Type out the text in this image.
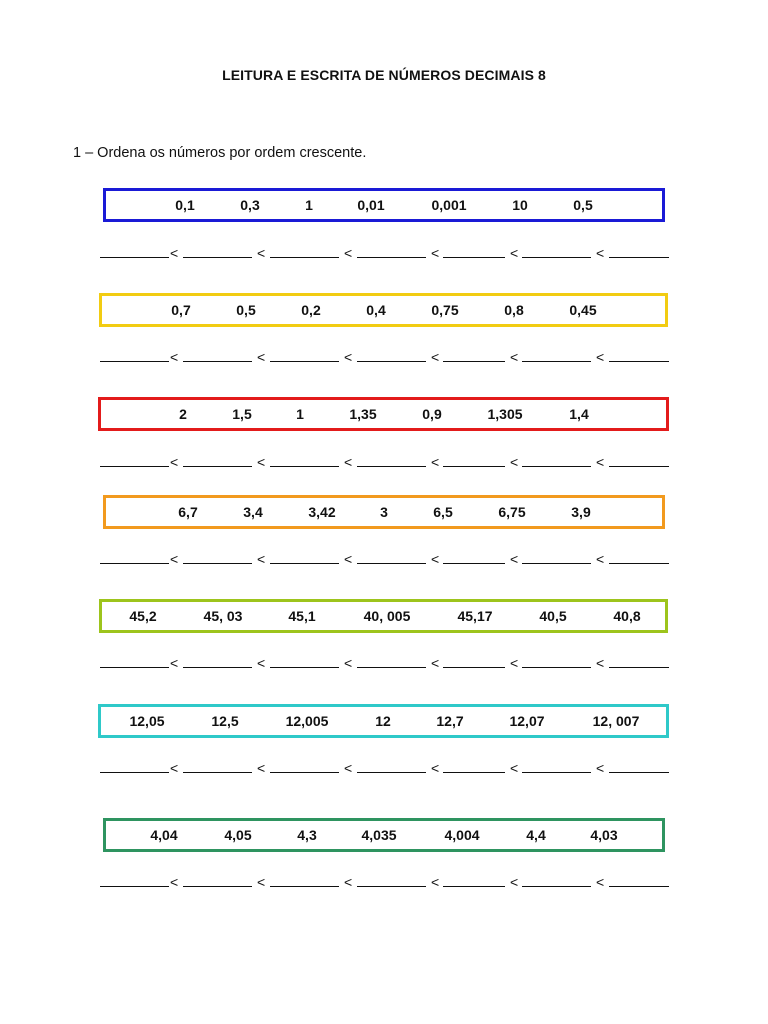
LEITURA E ESCRITA DE NÚMEROS DECIMAIS 8
1 – Ordena os números por ordem crescente.
0,1	0,3	1	0,01	0,001	10	0,5
<	<	<	<	<	<
0,7	0,5	0,2	0,4	0,75	0,8	0,45
<	<	<	<	<	<
2	1,5	1	1,35	0,9	1,305	1,4
<	<	<	<	<	<
6,7	3,4	3,42	3	6,5	6,75	3,9
<	<	<	<	<	<
45,2	45, 03	45,1	40, 005	45,17	40,5	40,8
<	<	<	<	<	<
12,05	12,5	12,005	12	12,7	12,07	12, 007
<	<	<	<	<	<
4,04	4,05	4,3	4,035	4,004	4,4	4,03
<	<	<	<	<	<
